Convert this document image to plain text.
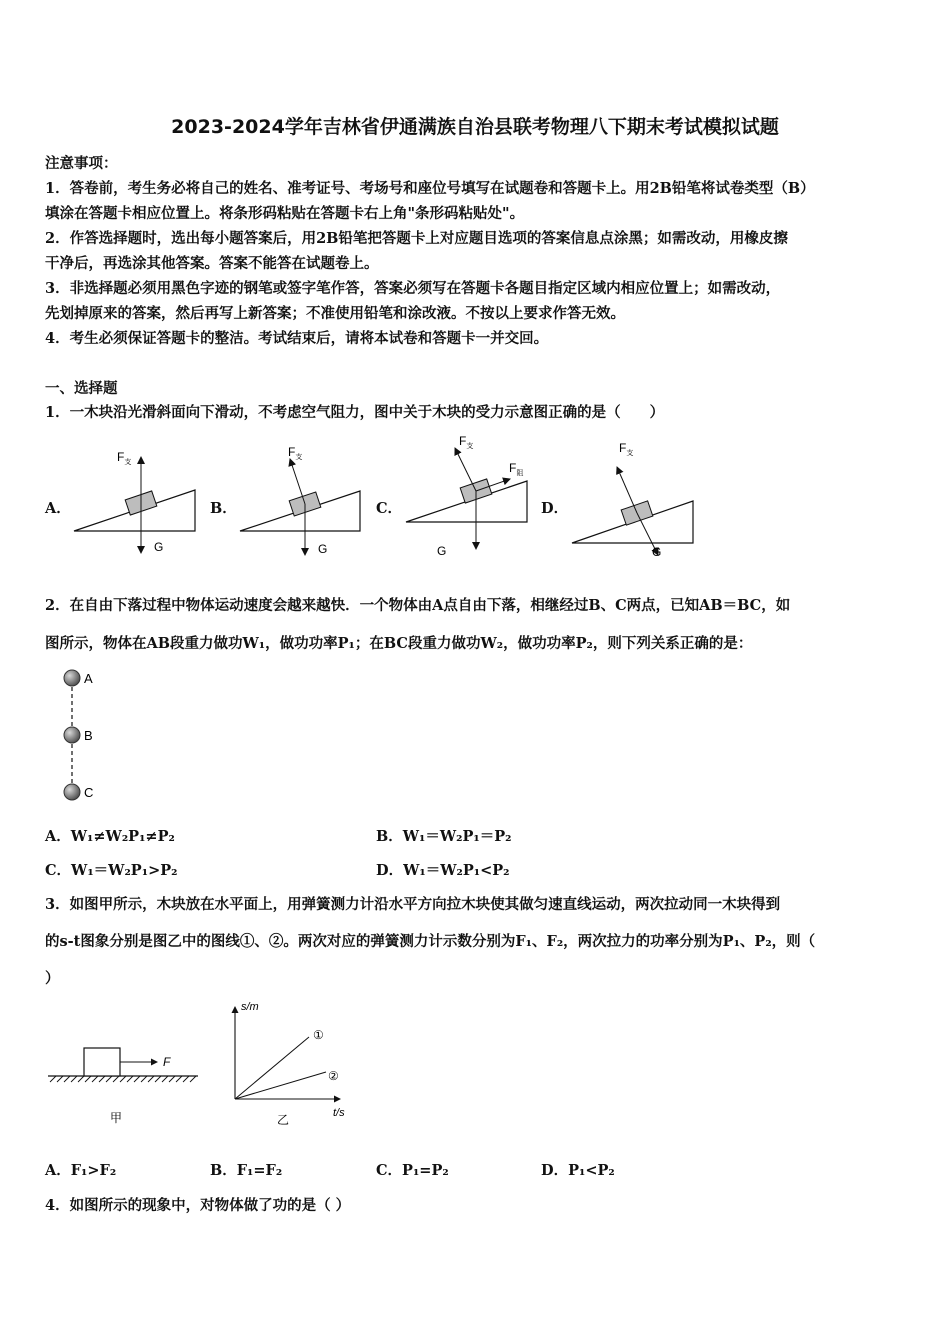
2023-2024学年吉林省伊通满族自治县联考物理八下期末考试模拟试题
注意事项：
1．答卷前，考生务必将自己的姓名、准考证号、考场号和座位号填写在试题卷和答题卡上。用2B铅笔将试卷类型（B）
填涂在答题卡相应位置上。将条形码粘贴在答题卡右上角"条形码粘贴处"。
2．作答选择题时，选出每小题答案后，用2B铅笔把答题卡上对应题目选项的答案信息点涂黑；如需改动，用橡皮擦
干净后，再选涂其他答案。答案不能答在试题卷上。
3．非选择题必须用黑色字迹的钢笔或签字笔作答，答案必须写在答题卡各题目指定区域内相应位置上；如需改动，
先划掉原来的答案，然后再写上新答案；不准使用铅笔和涂改液。不按以上要求作答无效。
4．考生必须保证答题卡的整洁。考试结束后，请将本试卷和答题卡一并交回。
一、选择题
1．一木块沿光滑斜面向下滑动，不考虑空气阻力，图中关于木块的受力示意图正确的是（　　）
A．	B．	C．	D．
$F_支$
G
$F_支$
G
$F_支$
$F_阻$
G
$F_支$
G
2．在自由下落过程中物体运动速度会越来越快．一个物体由A点自由下落，相继经过B、C两点，已知AB＝BC，如
图所示，物体在AB段重力做功W₁，做功功率P₁；在BC段重力做功W₂，做功功率P₂，则下列关系正确的是：
A
B
C
A．W₁≠W₂P₁≠P₂	B．W₁＝W₂P₁＝P₂
C．W₁＝W₂P₁>P₂	D．W₁＝W₂P₁<P₂
3．如图甲所示，木块放在水平面上，用弹簧测力计沿水平方向拉木块使其做匀速直线运动，两次拉动同一木块得到
的s-t图象分别是图乙中的图线①、②。两次对应的弹簧测力计示数分别为F₁、F₂，两次拉力的功率分别为P₁、P₂，则（
）
F
甲
s/m
t/s
①
②
乙
A．F₁>F₂	B．F₁=F₂	C．P₁=P₂	D．P₁<P₂
4．如图所示的现象中，对物体做了功的是（ ）
